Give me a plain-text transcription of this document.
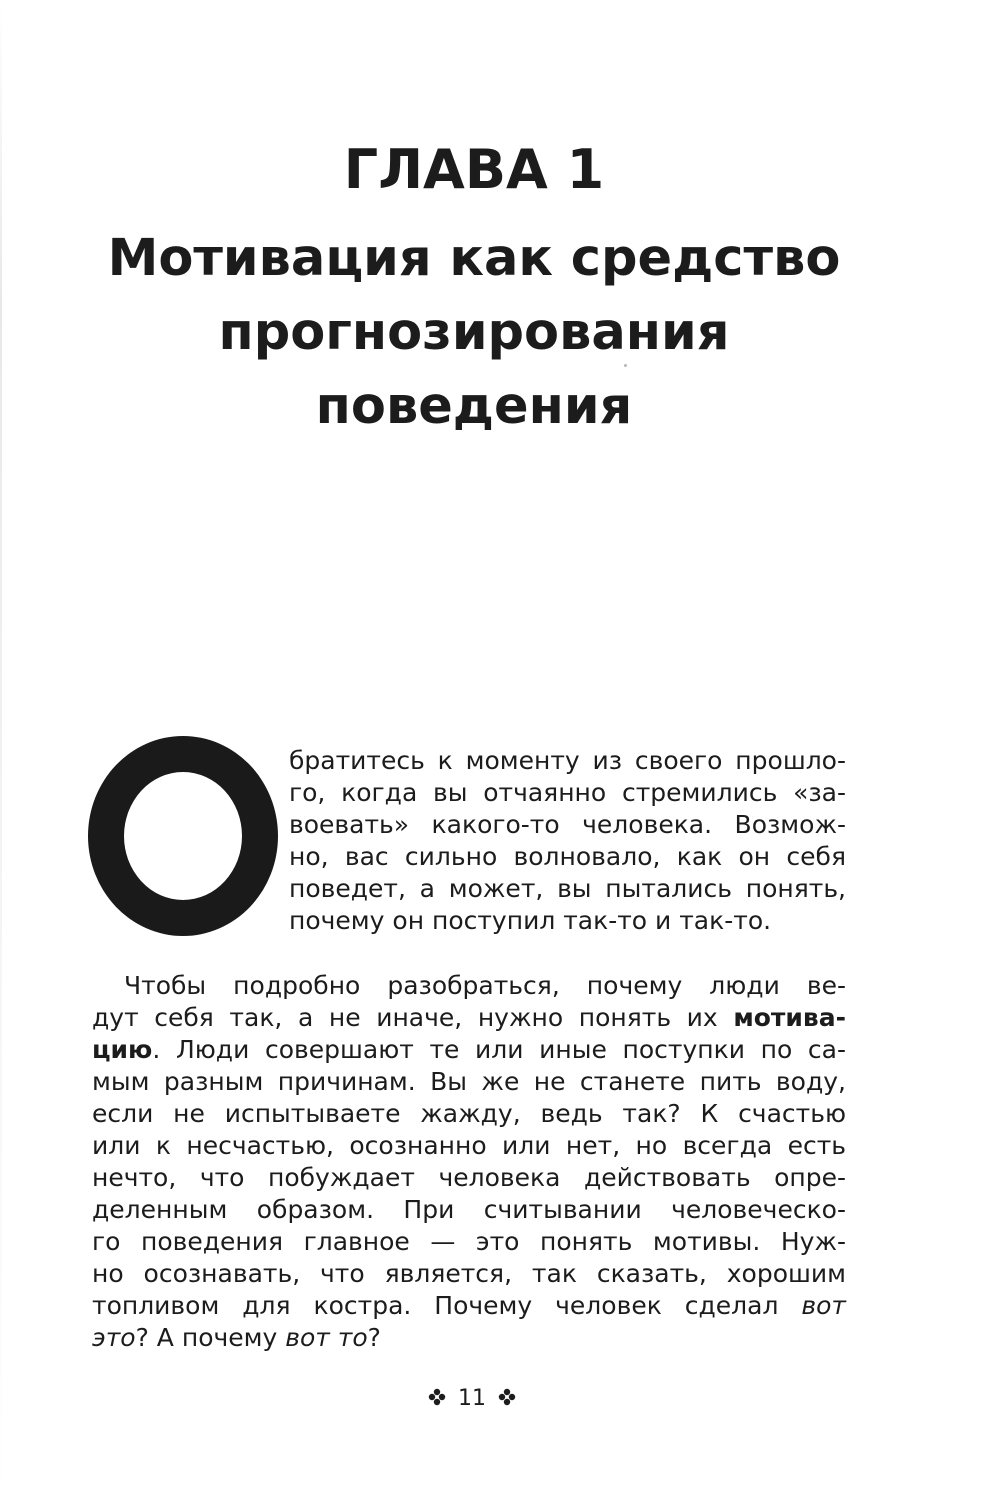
ГЛАВА 1
Мотивация как средство
прогнозирования
поведения

братитесь к моменту из своего прошло-

го, когда вы отчаянно стремились «за-

воевать» какого-то человека. Возмож-

но, вас сильно волновало, как он себя

поведет, а может, вы пытались понять,

почему он поступил так-то и так-то.

Чтобы подробно разобраться, почему люди ве-

дут себя так, а не иначе, нужно понять их мотива-

цию. Люди совершают те или иные поступки по са-

мым разным причинам. Вы же не станете пить воду,

если не испытываете жажду, ведь так? К счастью

или к несчастью, осознанно или нет, но всегда есть

нечто, что побуждает человека действовать опре-

деленным образом. При считывании человеческо-

го поведения главное — это понять мотивы. Нуж-

но осознавать, что является, так сказать, хорошим

топливом для костра. Почему человек сделал вот

это? А почему вот то?

11
